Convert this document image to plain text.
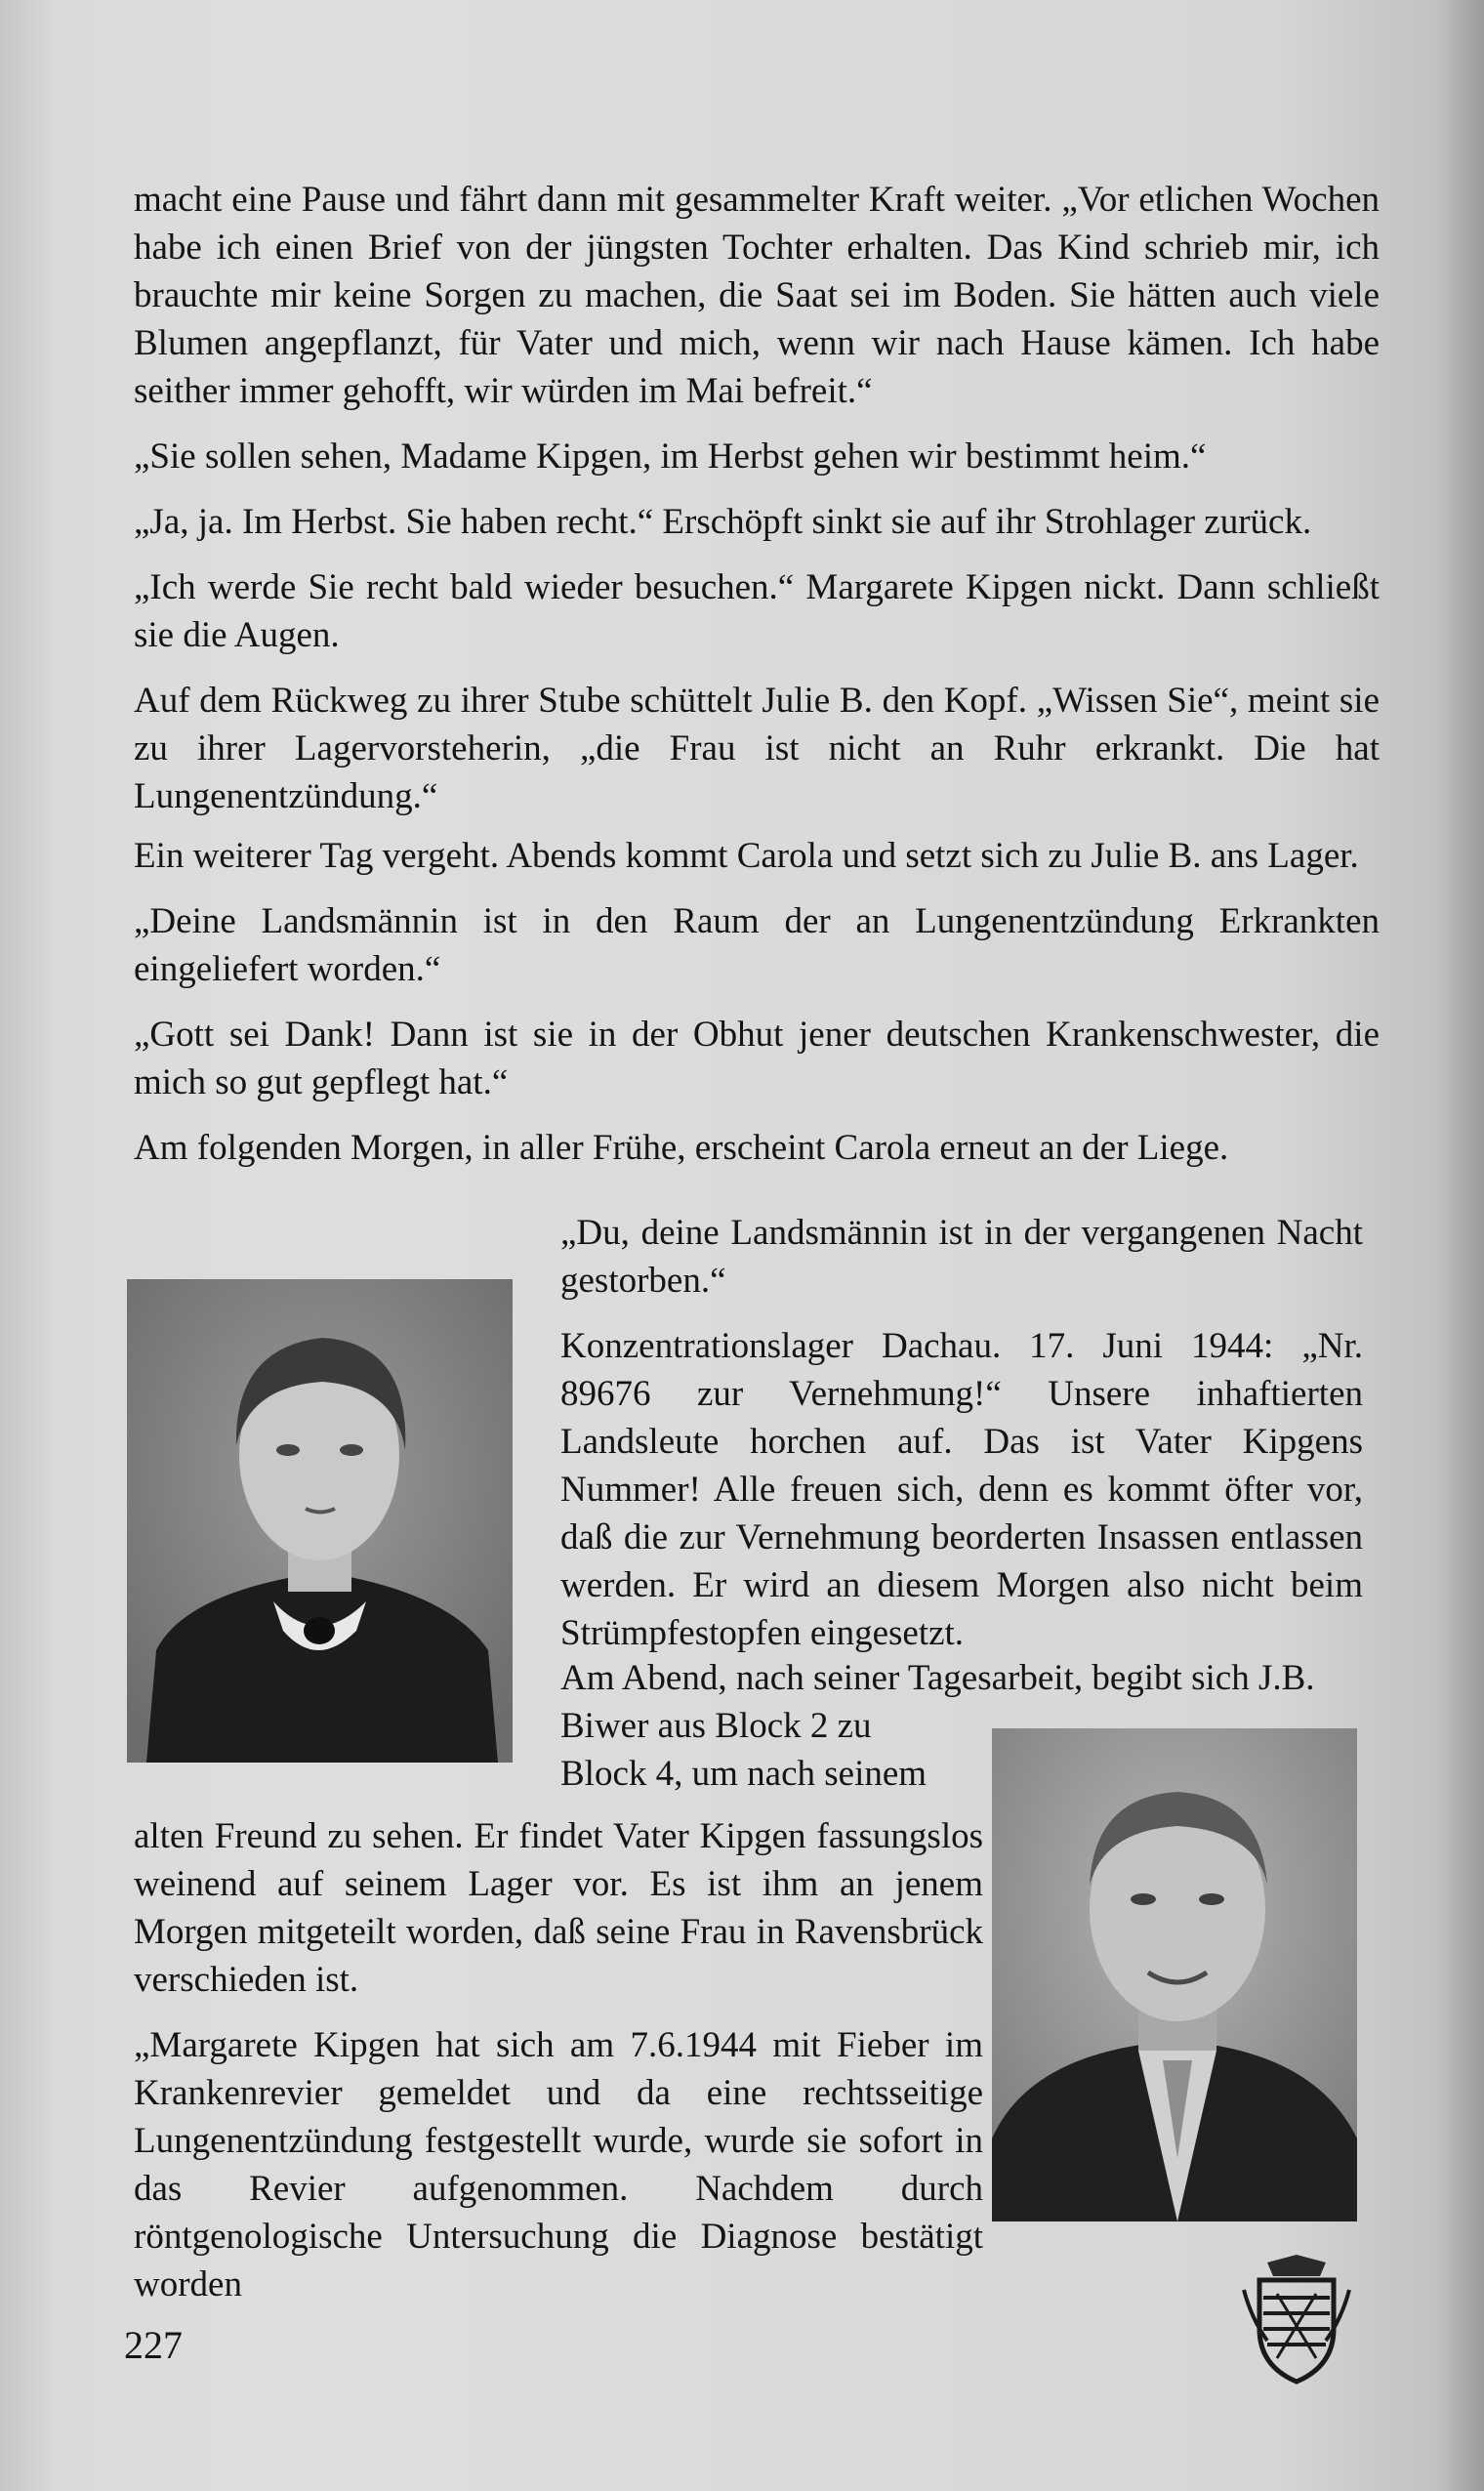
macht eine Pause und fährt dann mit gesammelter Kraft weiter. „Vor etlichen Wochen habe ich einen Brief von der jüngsten Tochter erhalten. Das Kind schrieb mir, ich brauchte mir keine Sorgen zu machen, die Saat sei im Boden. Sie hätten auch viele Blumen angepflanzt, für Vater und mich, wenn wir nach Hause kämen. Ich habe seither immer gehofft, wir würden im Mai befreit.“

„Sie sollen sehen, Madame Kipgen, im Herbst gehen wir bestimmt heim.“

„Ja, ja. Im Herbst. Sie haben recht.“ Erschöpft sinkt sie auf ihr Strohlager zurück.

„Ich werde Sie recht bald wieder besuchen.“ Margarete Kipgen nickt. Dann schließt sie die Augen.

Auf dem Rückweg zu ihrer Stube schüttelt Julie B. den Kopf. „Wissen Sie“, meint sie zu ihrer Lagervorsteherin, „die Frau ist nicht an Ruhr erkrankt. Die hat Lungenentzündung.“

Ein weiterer Tag vergeht. Abends kommt Carola und setzt sich zu Julie B. ans Lager.

„Deine Landsmännin ist in den Raum der an Lungenentzündung Erkrankten eingeliefert worden.“

„Gott sei Dank! Dann ist sie in der Obhut jener deutschen Krankenschwester, die mich so gut gepflegt hat.“

Am folgenden Morgen, in aller Frühe, erscheint Carola erneut an der Liege.

„Du, deine Landsmännin ist in der vergangenen Nacht gestorben.“

Konzentrationslager Dachau. 17. Juni 1944: „Nr. 89676 zur Vernehmung!“ Unsere inhaftierten Landsleute horchen auf. Das ist Vater Kipgens Nummer! Alle freuen sich, denn es kommt öfter vor, daß die zur Vernehmung beorderten Insassen entlassen werden. Er wird an diesem Morgen also nicht beim Strümpfestopfen eingesetzt.

Am Abend, nach seiner Tagesarbeit, begibt sich J.B.
Biwer aus Block 2 zu
Block 4, um nach seinem

alten Freund zu sehen. Er findet Vater Kipgen fassungslos weinend auf seinem Lager vor. Es ist ihm an jenem Morgen mitgeteilt worden, daß seine Frau in Ravensbrück verschieden ist.

„Margarete Kipgen hat sich am 7.6.1944 mit Fieber im Krankenrevier gemeldet und da eine rechtsseitige Lungenentzündung festgestellt wurde, wurde sie sofort in das Revier aufgenommen. Nachdem durch röntgenologische Untersuchung die Diagnose bestätigt worden

227
